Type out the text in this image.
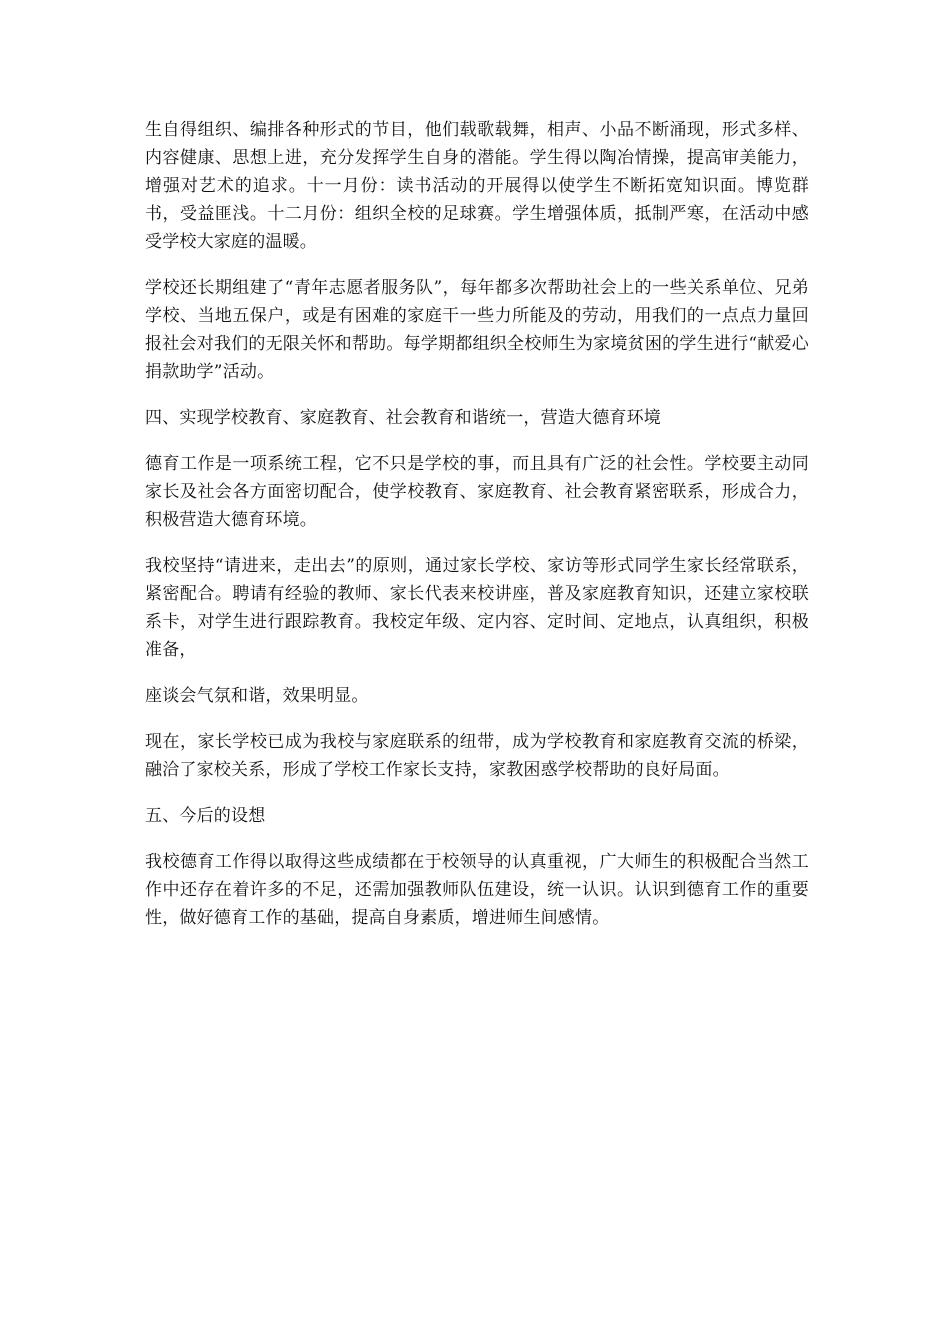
生自得组织、编排各种形式的节目，他们载歌载舞，相声、小品不断涌现，形式多样、内容健康、思想上进，充分发挥学生自身的潜能。学生得以陶冶情操，提高审美能力，增强对艺术的追求。十一月份：读书活动的开展得以使学生不断拓宽知识面。博览群书，受益匪浅。十二月份：组织全校的足球赛。学生增强体质，抵制严寒，在活动中感受学校大家庭的温暖。

学校还长期组建了“青年志愿者服务队”，每年都多次帮助社会上的一些关系单位、兄弟学校、当地五保户，或是有困难的家庭干一些力所能及的劳动，用我们的一点点力量回报社会对我们的无限关怀和帮助。每学期都组织全校师生为家境贫困的学生进行“献爱心捐款助学”活动。

四、实现学校教育、家庭教育、社会教育和谐统一，营造大德育环境

德育工作是一项系统工程，它不只是学校的事，而且具有广泛的社会性。学校要主动同家长及社会各方面密切配合，使学校教育、家庭教育、社会教育紧密联系，形成合力，积极营造大德育环境。

我校坚持“请进来，走出去”的原则，通过家长学校、家访等形式同学生家长经常联系，紧密配合。聘请有经验的教师、家长代表来校讲座，普及家庭教育知识，还建立家校联系卡，对学生进行跟踪教育。我校定年级、定内容、定时间、定地点，认真组织，积极准备，

座谈会气氛和谐，效果明显。

现在，家长学校已成为我校与家庭联系的纽带，成为学校教育和家庭教育交流的桥梁，融洽了家校关系，形成了学校工作家长支持，家教困惑学校帮助的良好局面。

五、今后的设想

我校德育工作得以取得这些成绩都在于校领导的认真重视，广大师生的积极配合当然工作中还存在着许多的不足，还需加强教师队伍建设，统一认识。认识到德育工作的重要性，做好德育工作的基础，提高自身素质，增进师生间感情。
